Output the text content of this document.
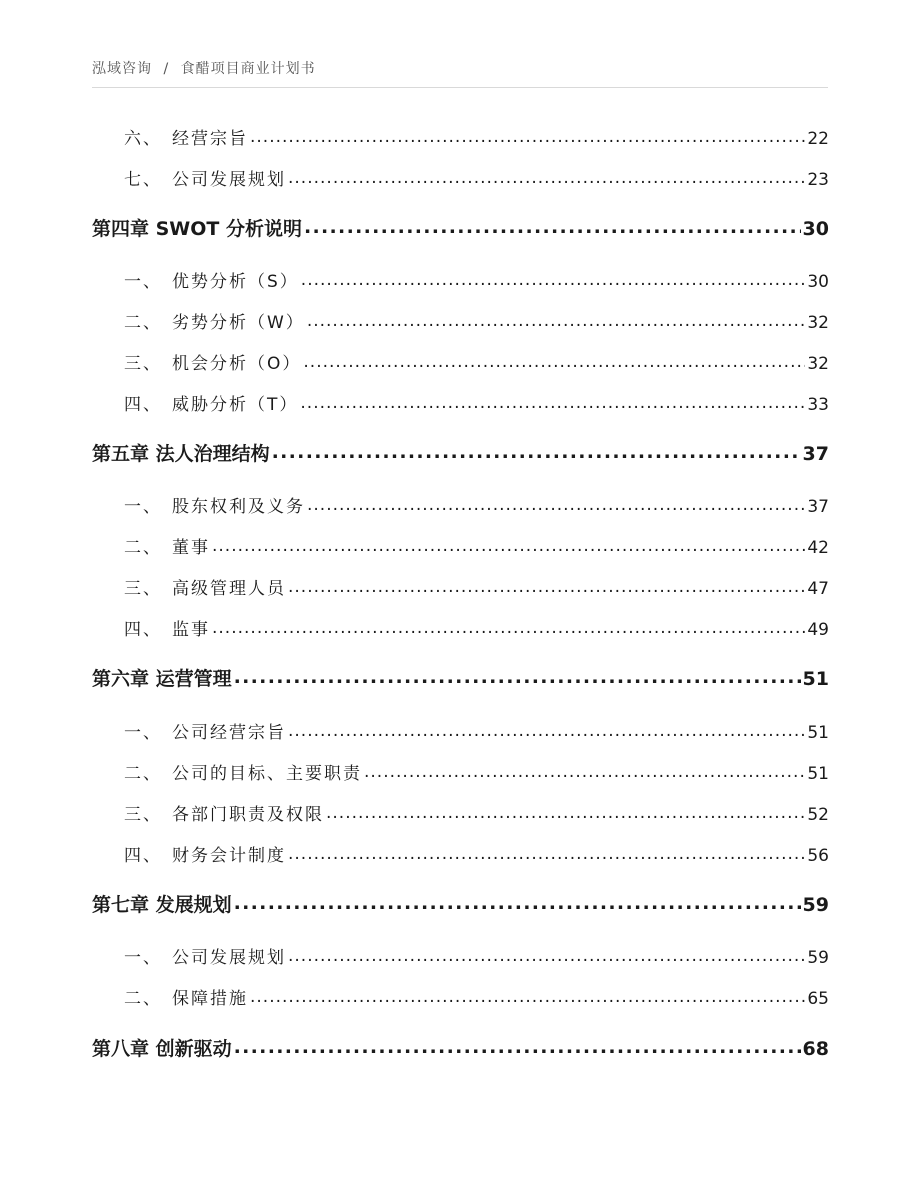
泓域咨询 / 食醋项目商业计划书
六、 经营宗旨 .....	22
七、 公司发展规划 .....	23
第四章 SWOT 分析说明 .....	30
一、 优势分析（S） .....	30
二、 劣势分析（W） .....	32
三、 机会分析（O） .....	32
四、 威胁分析（T） .....	33
第五章 法人治理结构 .....	37
一、 股东权利及义务 .....	37
二、 董事 .....	42
三、 高级管理人员 .....	47
四、 监事 .....	49
第六章 运营管理 .....	51
一、 公司经营宗旨 .....	51
二、 公司的目标、主要职责 .....	51
三、 各部门职责及权限 .....	52
四、 财务会计制度 .....	56
第七章 发展规划 .....	59
一、 公司发展规划 .....	59
二、 保障措施 .....	65
第八章 创新驱动 .....	68
